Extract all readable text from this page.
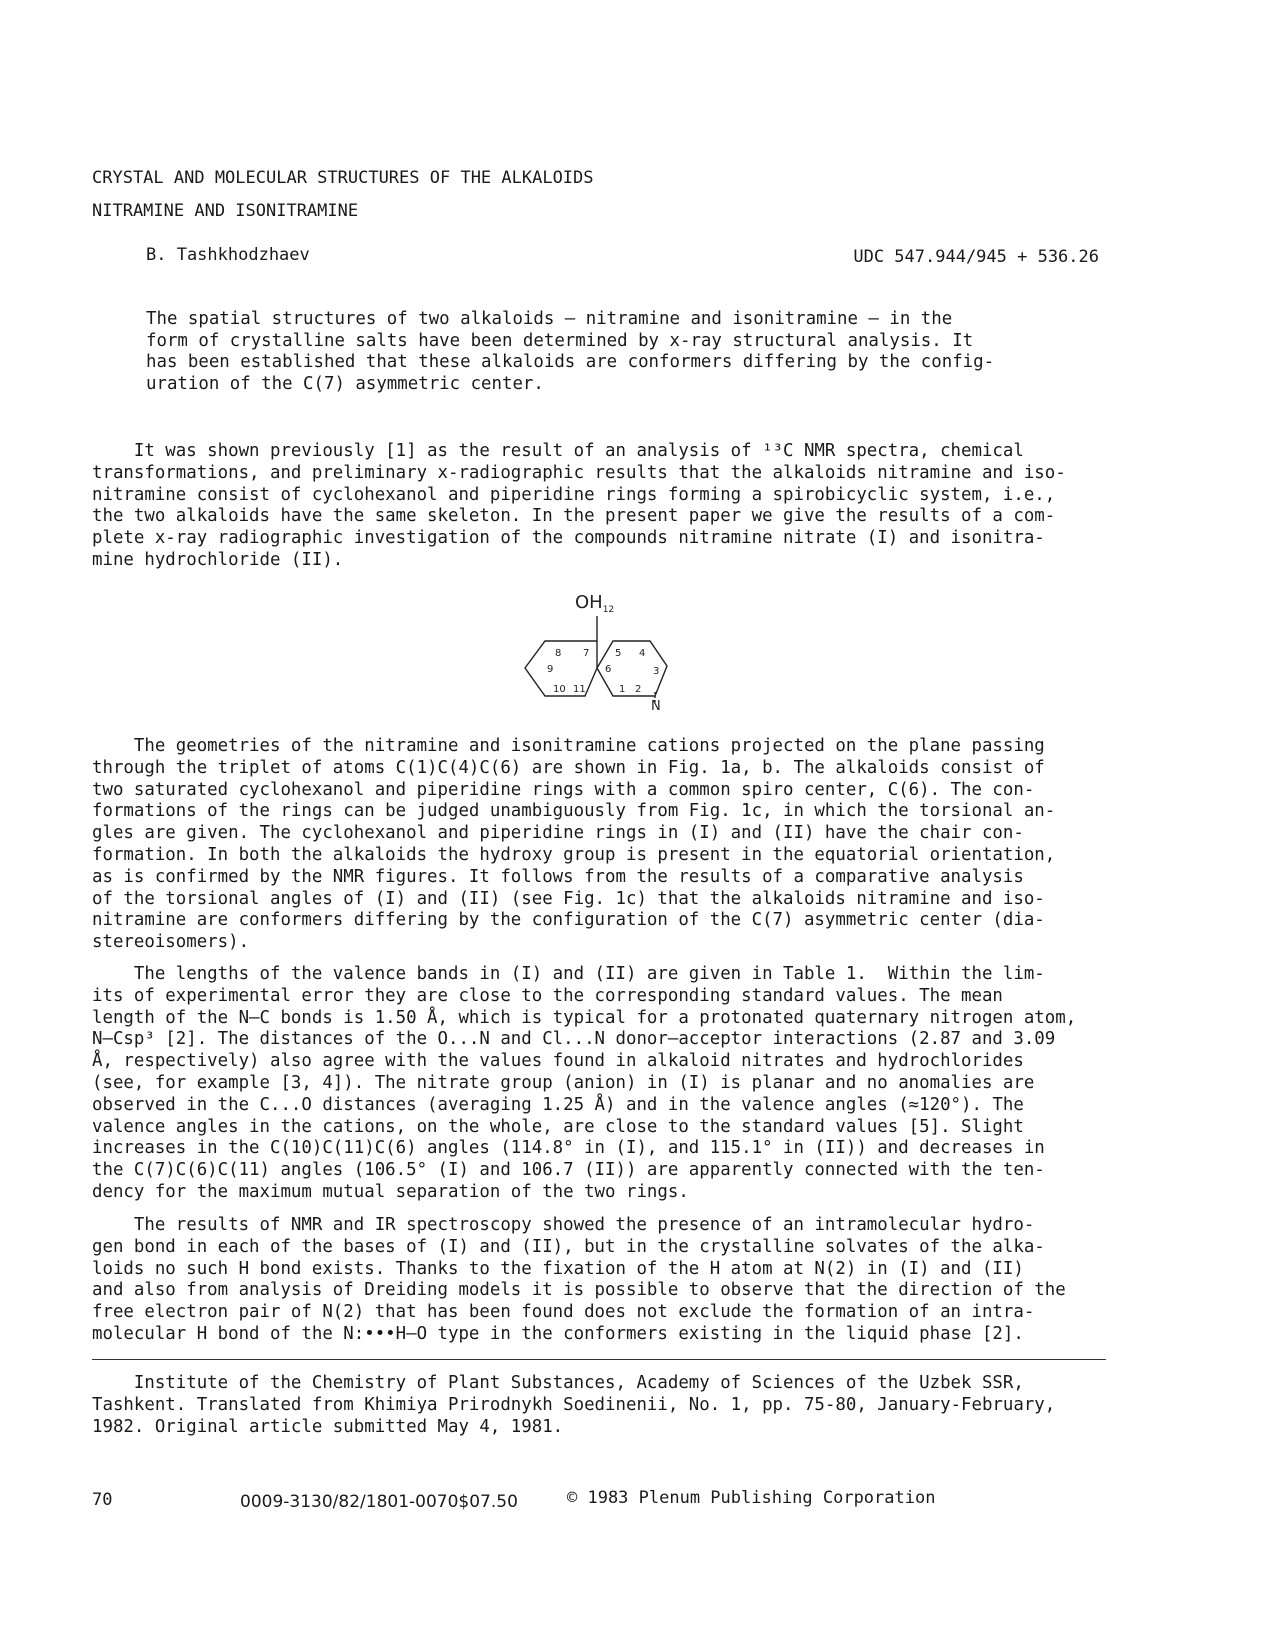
CRYSTAL AND MOLECULAR STRUCTURES OF THE ALKALOIDS
NITRAMINE AND ISONITRAMINE
B. Tashkhodzhaev	UDC 547.944/945 + 536.26
The spatial structures of two alkaloids — nitramine and isonitramine — in the
form of crystalline salts have been determined by x-ray structural analysis. It
has been established that these alkaloids are conformers differing by the config-
uration of the C(7) asymmetric center.
It was shown previously [1] as the result of an analysis of ¹³C NMR spectra, chemical
transformations, and preliminary x-radiographic results that the alkaloids nitramine and iso-
nitramine consist of cyclohexanol and piperidine rings forming a spirobicyclic system, i.e.,
the two alkaloids have the same skeleton. In the present paper we give the results of a com-
plete x-ray radiographic investigation of the compounds nitramine nitrate (I) and isonitra-
mine hydrochloride (II).
$OH_{12}$
8 7	5 4
9	6	3
10 11	1 2
N
The geometries of the nitramine and isonitramine cations projected on the plane passing
through the triplet of atoms C(1)C(4)C(6) are shown in Fig. 1a, b. The alkaloids consist of
two saturated cyclohexanol and piperidine rings with a common spiro center, C(6). The con-
formations of the rings can be judged unambiguously from Fig. 1c, in which the torsional an-
gles are given. The cyclohexanol and piperidine rings in (I) and (II) have the chair con-
formation. In both the alkaloids the hydroxy group is present in the equatorial orientation,
as is confirmed by the NMR figures. It follows from the results of a comparative analysis
of the torsional angles of (I) and (II) (see Fig. 1c) that the alkaloids nitramine and iso-
nitramine are conformers differing by the configuration of the C(7) asymmetric center (dia-
stereoisomers).
The lengths of the valence bands in (I) and (II) are given in Table 1.  Within the lim-
its of experimental error they are close to the corresponding standard values. The mean
length of the N—C bonds is 1.50 Å, which is typical for a protonated quaternary nitrogen atom,
N—Csp³ [2]. The distances of the O...N and Cl...N donor—acceptor interactions (2.87 and 3.09
Å, respectively) also agree with the values found in alkaloid nitrates and hydrochlorides
(see, for example [3, 4]). The nitrate group (anion) in (I) is planar and no anomalies are
observed in the C...O distances (averaging 1.25 Å) and in the valence angles (≈120°). The
valence angles in the cations, on the whole, are close to the standard values [5]. Slight
increases in the C(10)C(11)C(6) angles (114.8° in (I), and 115.1° in (II)) and decreases in
the C(7)C(6)C(11) angles (106.5° (I) and 106.7 (II)) are apparently connected with the ten-
dency for the maximum mutual separation of the two rings.
The results of NMR and IR spectroscopy showed the presence of an intramolecular hydro-
gen bond in each of the bases of (I) and (II), but in the crystalline solvates of the alka-
loids no such H bond exists. Thanks to the fixation of the H atom at N(2) in (I) and (II)
and also from analysis of Dreiding models it is possible to observe that the direction of the
free electron pair of N(2) that has been found does not exclude the formation of an intra-
molecular H bond of the N:•••H—O type in the conformers existing in the liquid phase [2].
Institute of the Chemistry of Plant Substances, Academy of Sciences of the Uzbek SSR,
Tashkent. Translated from Khimiya Prirodnykh Soedinenii, No. 1, pp. 75-80, January-February,
1982. Original article submitted May 4, 1981.
70	0009-3130/82/1801-0070$07.50	© 1983 Plenum Publishing Corporation
